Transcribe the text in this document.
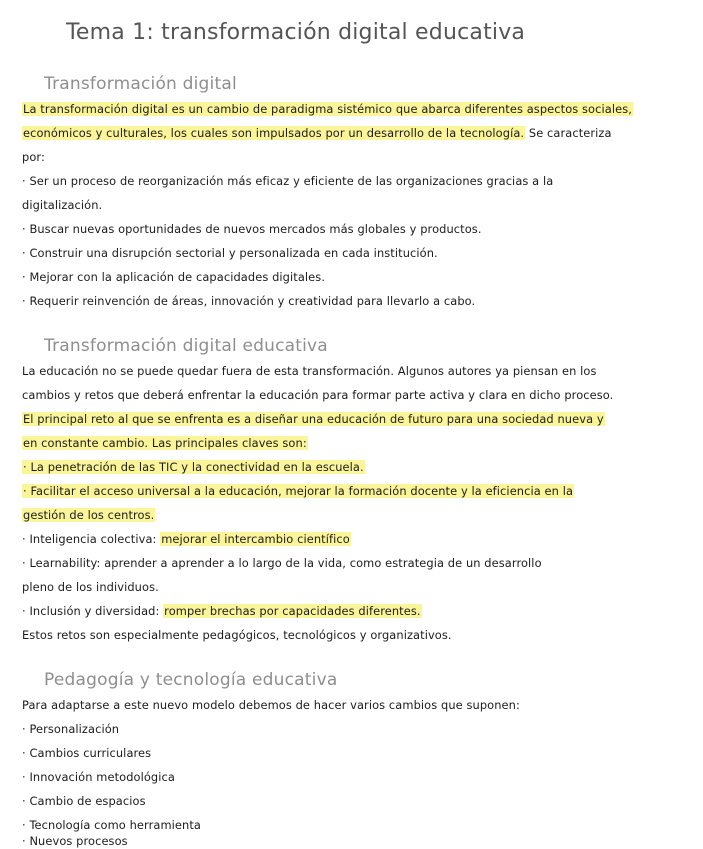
Tema 1: transformación digital educativa
Transformación digital
La transformación digital es un cambio de paradigma sistémico que abarca diferentes aspectos sociales,
económicos y culturales, los cuales son impulsados por un desarrollo de la tecnología. Se caracteriza
por:
· Ser un proceso de reorganización más eficaz y eficiente de las organizaciones gracias a la
digitalización.
· Buscar nuevas oportunidades de nuevos mercados más globales y productos.
· Construir una disrupción sectorial y personalizada en cada institución.
· Mejorar con la aplicación de capacidades digitales.
· Requerir reinvención de áreas, innovación y creatividad para llevarlo a cabo.
Transformación digital educativa
La educación no se puede quedar fuera de esta transformación. Algunos autores ya piensan en los
cambios y retos que deberá enfrentar la educación para formar parte activa y clara en dicho proceso.
El principal reto al que se enfrenta es a diseñar una educación de futuro para una sociedad nueva y
en constante cambio. Las principales claves son:
· La penetración de las TIC y la conectividad en la escuela.
· Facilitar el acceso universal a la educación, mejorar la formación docente y la eficiencia en la
gestión de los centros.
· Inteligencia colectiva: mejorar el intercambio científico
· Learnability: aprender a aprender a lo largo de la vida, como estrategia de un desarrollo
pleno de los individuos.
· Inclusión y diversidad: romper brechas por capacidades diferentes.
Estos retos son especialmente pedagógicos, tecnológicos y organizativos.
Pedagogía y tecnología educativa
Para adaptarse a este nuevo modelo debemos de hacer varios cambios que suponen:
· Personalización
· Cambios curriculares
· Innovación metodológica
· Cambio de espacios
· Tecnología como herramienta
· Nuevos procesos
